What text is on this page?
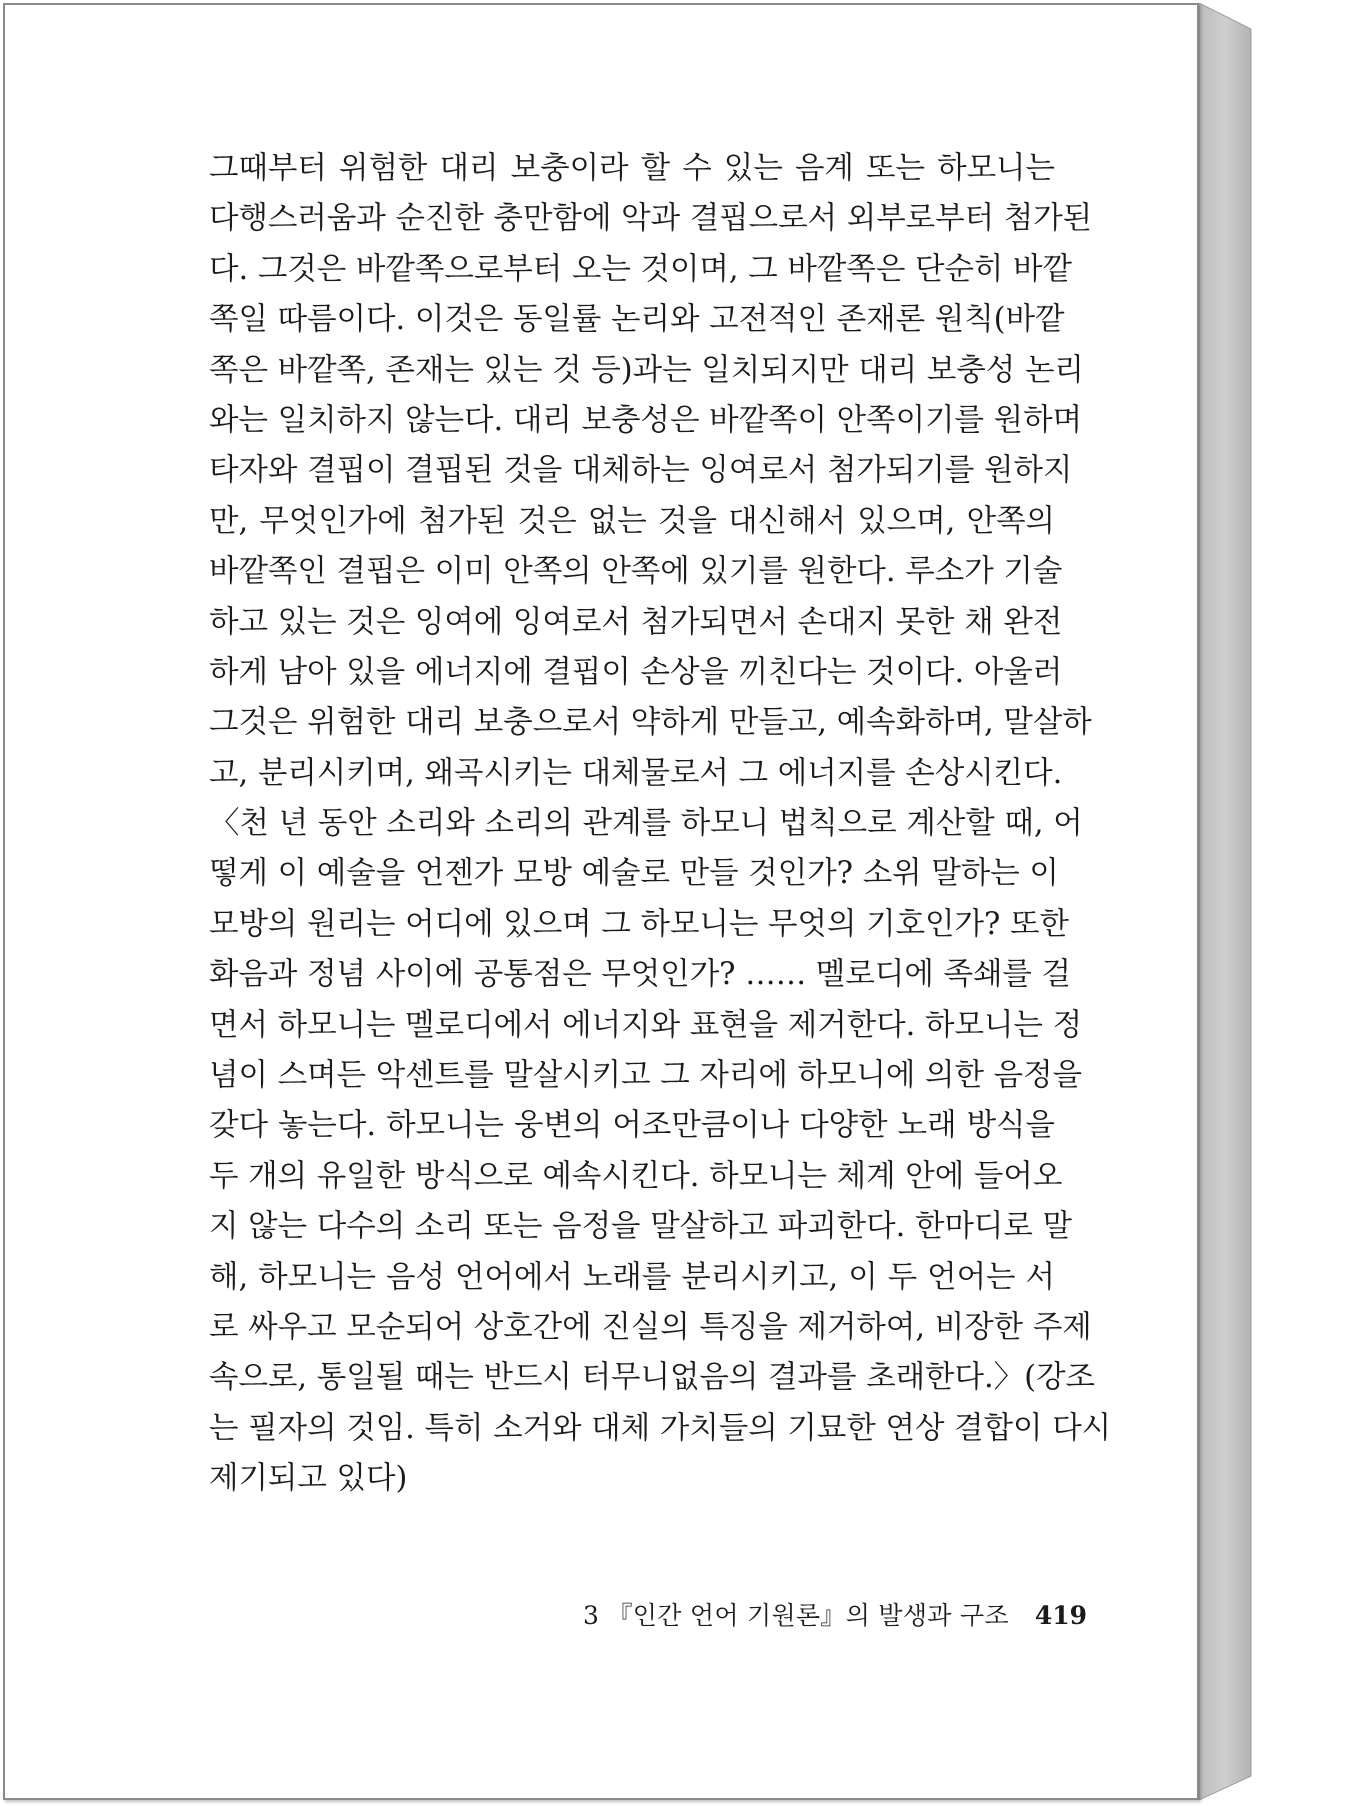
그때부터 위험한 대리 보충이라 할 수 있는 음계 또는 하모니는
다행스러움과 순진한 충만함에 악과 결핍으로서 외부로부터 첨가된
다. 그것은 바깥쪽으로부터 오는 것이며, 그 바깥쪽은 단순히 바깥
쪽일 따름이다. 이것은 동일률 논리와 고전적인 존재론 원칙(바깥
쪽은 바깥쪽, 존재는 있는 것 등)과는 일치되지만 대리 보충성 논리
와는 일치하지 않는다. 대리 보충성은 바깥쪽이 안쪽이기를 원하며
타자와 결핍이 결핍된 것을 대체하는 잉여로서 첨가되기를 원하지
만, 무엇인가에 첨가된 것은 없는 것을 대신해서 있으며, 안쪽의
바깥쪽인 결핍은 이미 안쪽의 안쪽에 있기를 원한다. 루소가 기술
하고 있는 것은 잉여에 잉여로서 첨가되면서 손대지 못한 채 완전
하게 남아 있을 에너지에 결핍이 손상을 끼친다는 것이다. 아울러
그것은 위험한 대리 보충으로서 약하게 만들고, 예속화하며, 말살하
고, 분리시키며, 왜곡시키는 대체물로서 그 에너지를 손상시킨다.
〈천 년 동안 소리와 소리의 관계를 하모니 법칙으로 계산할 때, 어
떻게 이 예술을 언젠가 모방 예술로 만들 것인가? 소위 말하는 이
모방의 원리는 어디에 있으며 그 하모니는 무엇의 기호인가? 또한
화음과 정념 사이에 공통점은 무엇인가? …… 멜로디에 족쇄를 걸
면서 하모니는 멜로디에서 에너지와 표현을 제거한다. 하모니는 정
념이 스며든 악센트를 말살시키고 그 자리에 하모니에 의한 음정을
갖다 놓는다. 하모니는 웅변의 어조만큼이나 다양한 노래 방식을
두 개의 유일한 방식으로 예속시킨다. 하모니는 체계 안에 들어오
지 않는 다수의 소리 또는 음정을 말살하고 파괴한다. 한마디로 말
해, 하모니는 음성 언어에서 노래를 분리시키고, 이 두 언어는 서
로 싸우고 모순되어 상호간에 진실의 특징을 제거하여, 비장한 주제
속으로, 통일될 때는 반드시 터무니없음의 결과를 초래한다.〉(강조
는 필자의 것임. 특히 소거와 대체 가치들의 기묘한 연상 결합이 다시
제기되고 있다)
3 『인간 언어 기원론』의 발생과 구조 419
